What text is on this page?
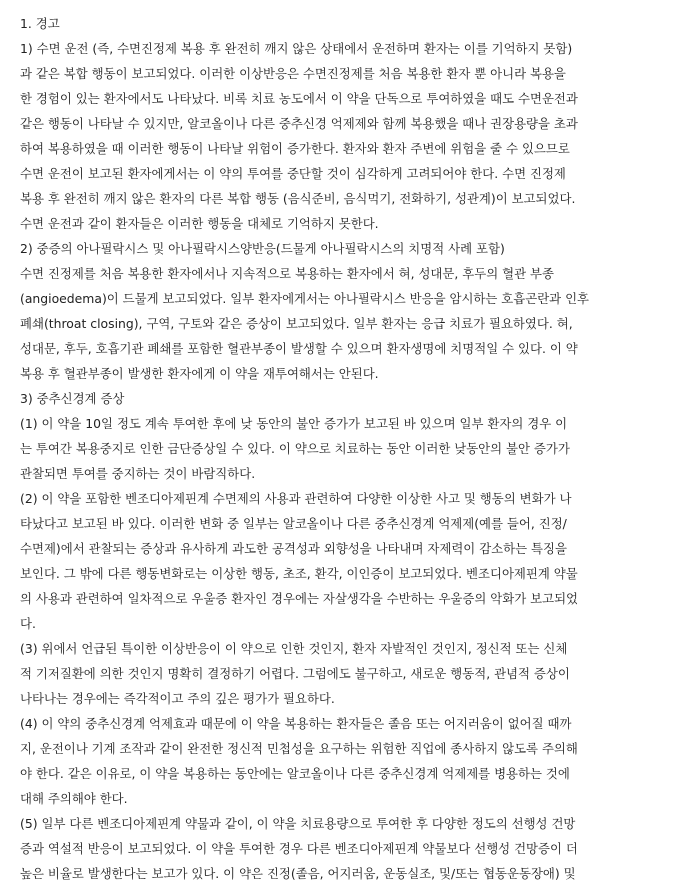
1. 경고
1) 수면 운전 (즉, 수면진정제 복용 후 완전히 깨지 않은 상태에서 운전하며 환자는 이를 기억하지 못함)
과 같은 복합 행동이 보고되었다. 이러한 이상반응은 수면진정제를 처음 복용한 환자 뿐 아니라 복용을
한 경험이 있는 환자에서도 나타났다. 비록 치료 농도에서 이 약을 단독으로 투여하였을 때도 수면운전과
같은 행동이 나타날 수 있지만, 알코올이나 다른 중추신경 억제제와 함께 복용했을 때나 권장용량을 초과
하여 복용하였을 때 이러한 행동이 나타날 위험이 증가한다. 환자와 환자 주변에 위험을 줄 수 있으므로
수면 운전이 보고된 환자에게서는 이 약의 투여를 중단할 것이 심각하게 고려되어야 한다. 수면 진정제
복용 후 완전히 깨지 않은 환자의 다른 복합 행동 (음식준비, 음식먹기, 전화하기, 성관계)이 보고되었다.
수면 운전과 같이 환자들은 이러한 행동을 대체로 기억하지 못한다.
2) 중증의 아나필락시스 및 아나필락시스양반응(드물게 아나필락시스의 치명적 사례 포함)
수면 진정제를 처음 복용한 환자에서나 지속적으로 복용하는 환자에서 혀, 성대문, 후두의 혈관 부종
(angioedema)이 드물게 보고되었다. 일부 환자에게서는 아나필락시스 반응을 암시하는 호흡곤란과 인후
폐쇄(throat closing), 구역, 구토와 같은 증상이 보고되었다. 일부 환자는 응급 치료가 필요하였다. 혀,
성대문, 후두, 호흡기관 폐쇄를 포함한 혈관부종이 발생할 수 있으며 환자생명에 치명적일 수 있다. 이 약
복용 후 혈관부종이 발생한 환자에게 이 약을 재투여해서는 안된다.
3) 중추신경계 증상
(1) 이 약을 10일 정도 계속 투여한 후에 낮 동안의 불안 증가가 보고된 바 있으며 일부 환자의 경우 이
는 투여간 복용중지로 인한 금단증상일 수 있다. 이 약으로 치료하는 동안 이러한 낮동안의 불안 증가가
관찰되면 투여를 중지하는 것이 바람직하다.
(2) 이 약을 포함한 벤조디아제핀계 수면제의 사용과 관련하여 다양한 이상한 사고 및 행동의 변화가 나
타났다고 보고된 바 있다. 이러한 변화 중 일부는 알코올이나 다른 중추신경계 억제제(예를 들어, 진정/
수면제)에서 관찰되는 증상과 유사하게 과도한 공격성과 외향성을 나타내며 자제력이 감소하는 특징을
보인다. 그 밖에 다른 행동변화로는 이상한 행동, 초조, 환각, 이인증이 보고되었다. 벤조디아제핀계 약물
의 사용과 관련하여 일차적으로 우울증 환자인 경우에는 자살생각을 수반하는 우울증의 악화가 보고되었
다.
(3) 위에서 언급된 특이한 이상반응이 이 약으로 인한 것인지, 환자 자발적인 것인지, 정신적 또는 신체
적 기저질환에 의한 것인지 명확히 결정하기 어렵다. 그럼에도 불구하고, 새로운 행동적, 관념적 증상이
나타나는 경우에는 즉각적이고 주의 깊은 평가가 필요하다.
(4) 이 약의 중추신경계 억제효과 때문에 이 약을 복용하는 환자들은 졸음 또는 어지러움이 없어질 때까
지, 운전이나 기계 조작과 같이 완전한 정신적 민첩성을 요구하는 위험한 직업에 종사하지 않도록 주의해
야 한다. 같은 이유로, 이 약을 복용하는 동안에는 알코올이나 다른 중추신경계 억제제를 병용하는 것에
대해 주의해야 한다.
(5) 일부 다른 벤조디아제핀계 약물과 같이, 이 약을 치료용량으로 투여한 후 다양한 정도의 선행성 건망
증과 역설적 반응이 보고되었다. 이 약을 투여한 경우 다른 벤조디아제핀계 약물보다 선행성 건망증이 더
높은 비율로 발생한다는 보고가 있다. 이 약은 진정(졸음, 어지러움, 운동실조, 및/또는 협동운동장애) 및
